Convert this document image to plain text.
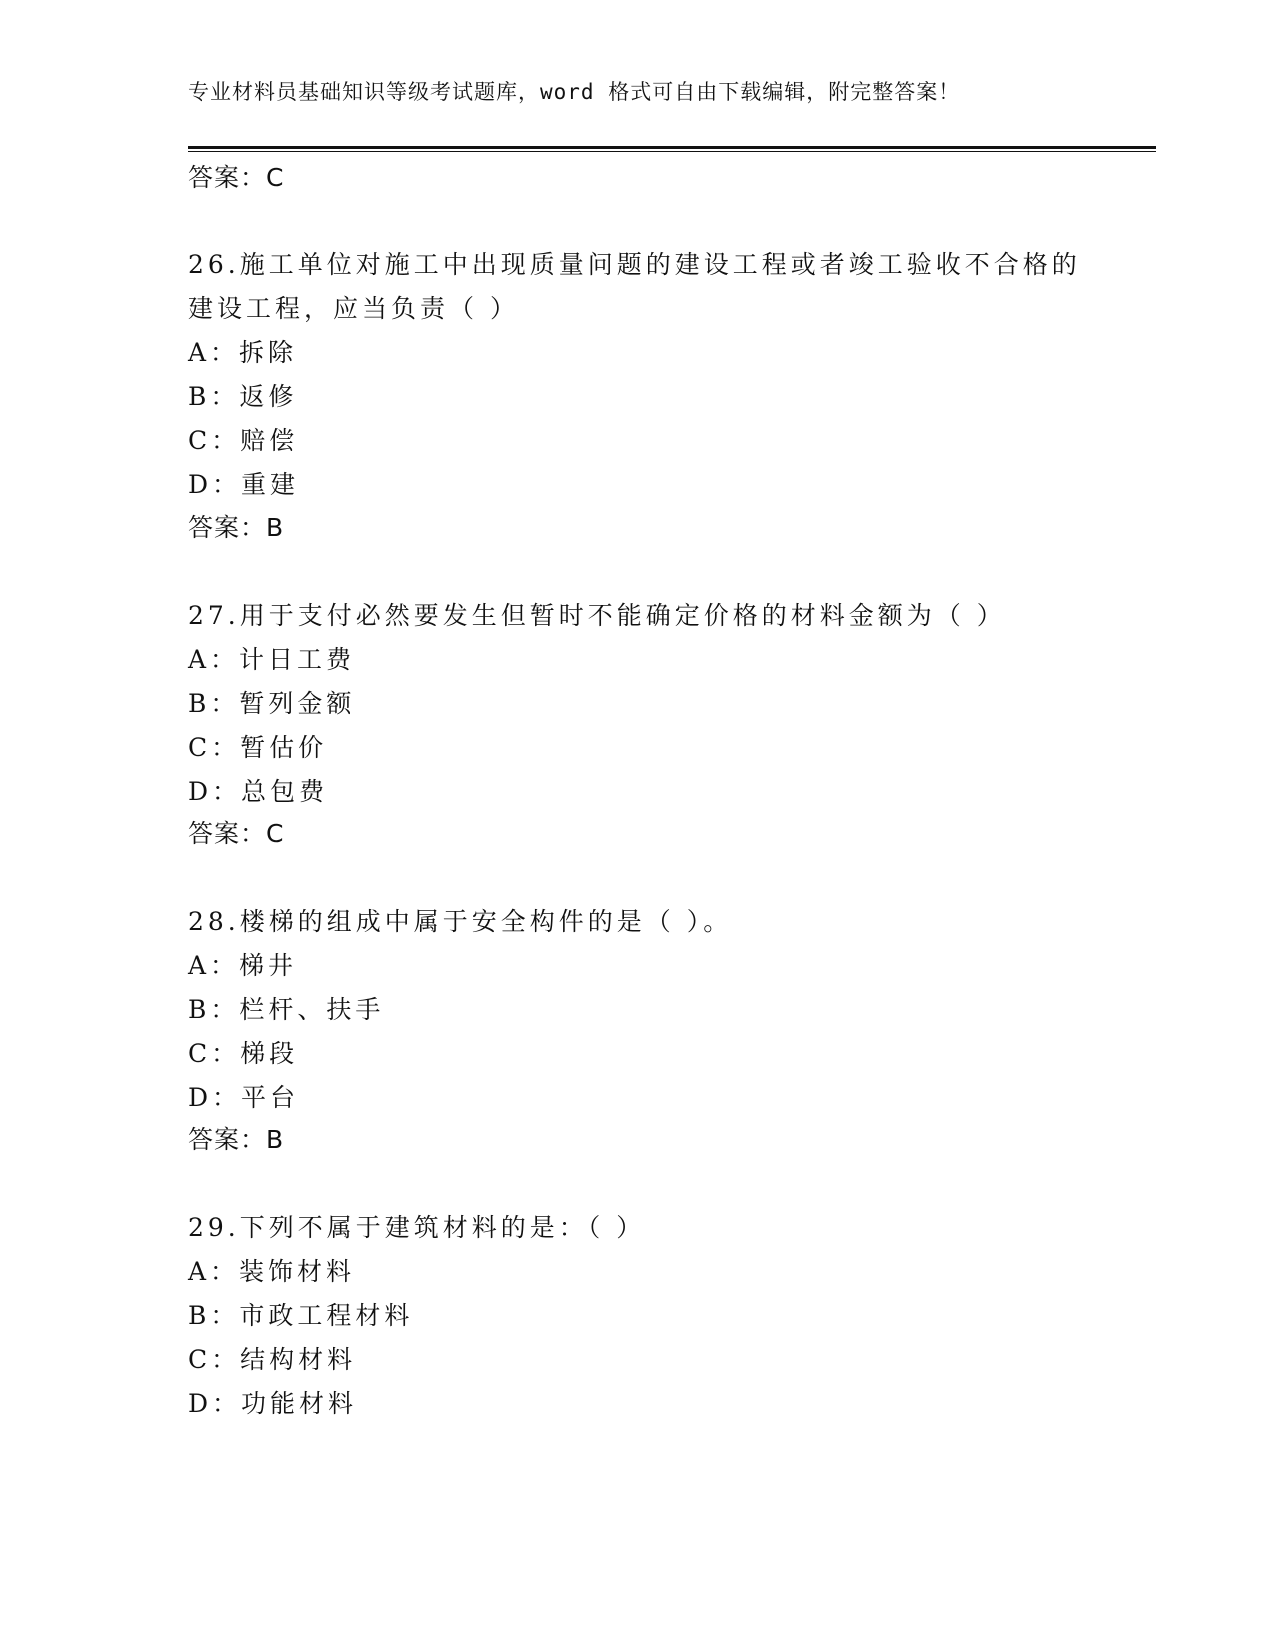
专业材料员基础知识等级考试题库，word 格式可自由下载编辑，附完整答案！
答案：C
26.施工单位对施工中出现质量问题的建设工程或者竣工验收不合格的
建设工程，应当负责（ ）
A：拆除
B：返修
C：赔偿
D：重建
答案：B
27.用于支付必然要发生但暂时不能确定价格的材料金额为（ ）
A：计日工费
B：暂列金额
C：暂估价
D：总包费
答案：C
28.楼梯的组成中属于安全构件的是（ ）。
A：梯井
B：栏杆、扶手
C：梯段
D：平台
答案：B
29.下列不属于建筑材料的是：（ ）
A：装饰材料
B：市政工程材料
C：结构材料
D：功能材料
